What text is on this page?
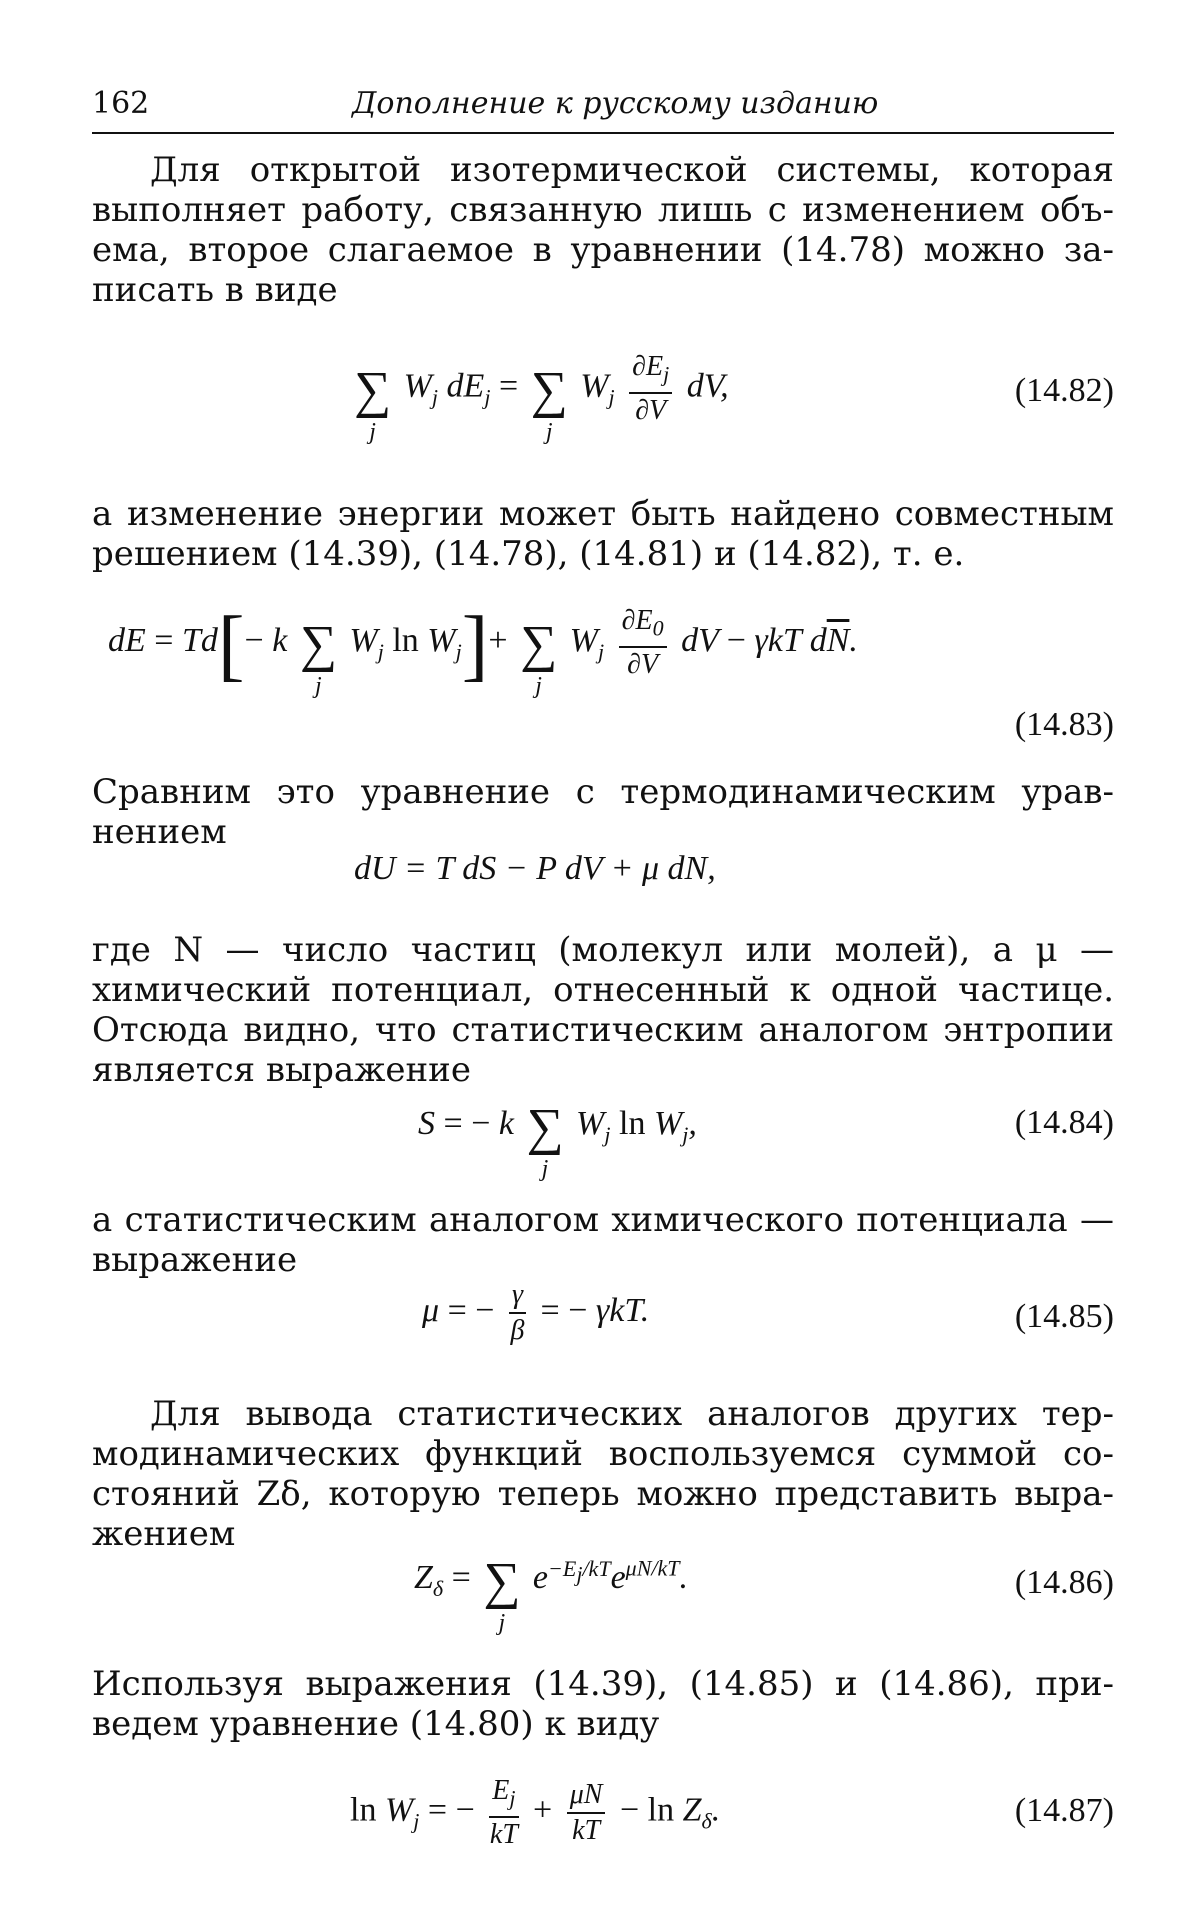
162	Дополнение к русскому изданию
Для открытой изотермической системы, которая
выполняет работу, связанную лишь с изменением объ-
ема, второе слагаемое в уравнении (14.78) можно за-
писать в виде
∑
j
$W_j$ $dE_j$ = ∑
j
$W_j \frac{\partial E_j}{\partial V}$ dV,	(14.82)
а изменение энергии может быть найдено совместным
решением (14.39), (14.78), (14.81) и (14.82), т. е.
dE = Td[− k ∑
j
$W_j$ $\ln W_j]+$ ∑
j
$W_j \frac{\partial E_0}{\partial V}$ dV − γkT $d\overline{N}$.
(14.83)
Сравним это уравнение с термодинамическим урав-
нением
dU = T dS − P dV + μ dN,
где N — число частиц (молекул или молей), а μ —
химический потенциал, отнесенный к одной частице.
Отсюда видно, что статистическим аналогом энтропии
является выражение
S = − k ∑
j
$W_j$ $\ln W_j$,	(14.84)
а статистическим аналогом химического потенциала —
выражение
μ = − $\frac{\gamma}{\beta}$ = − γkT.	(14.85)
Для вывода статистических аналогов других тер-
модинамических функций воспользуемся суммой со-
стояний Zδ, которую теперь можно представить выра-
жением
$Z_\delta$ = ∑
j
$e^{-E_j/kT}e^{\mu N/kT}$.	(14.86)
Используя выражения (14.39), (14.85) и (14.86), при-
ведем уравнение (14.80) к виду
$\ln W_j$ = − $\frac{E_j}{kT} + \frac{\mu N}{kT} - \ln Z_\delta$.	(14.87)
